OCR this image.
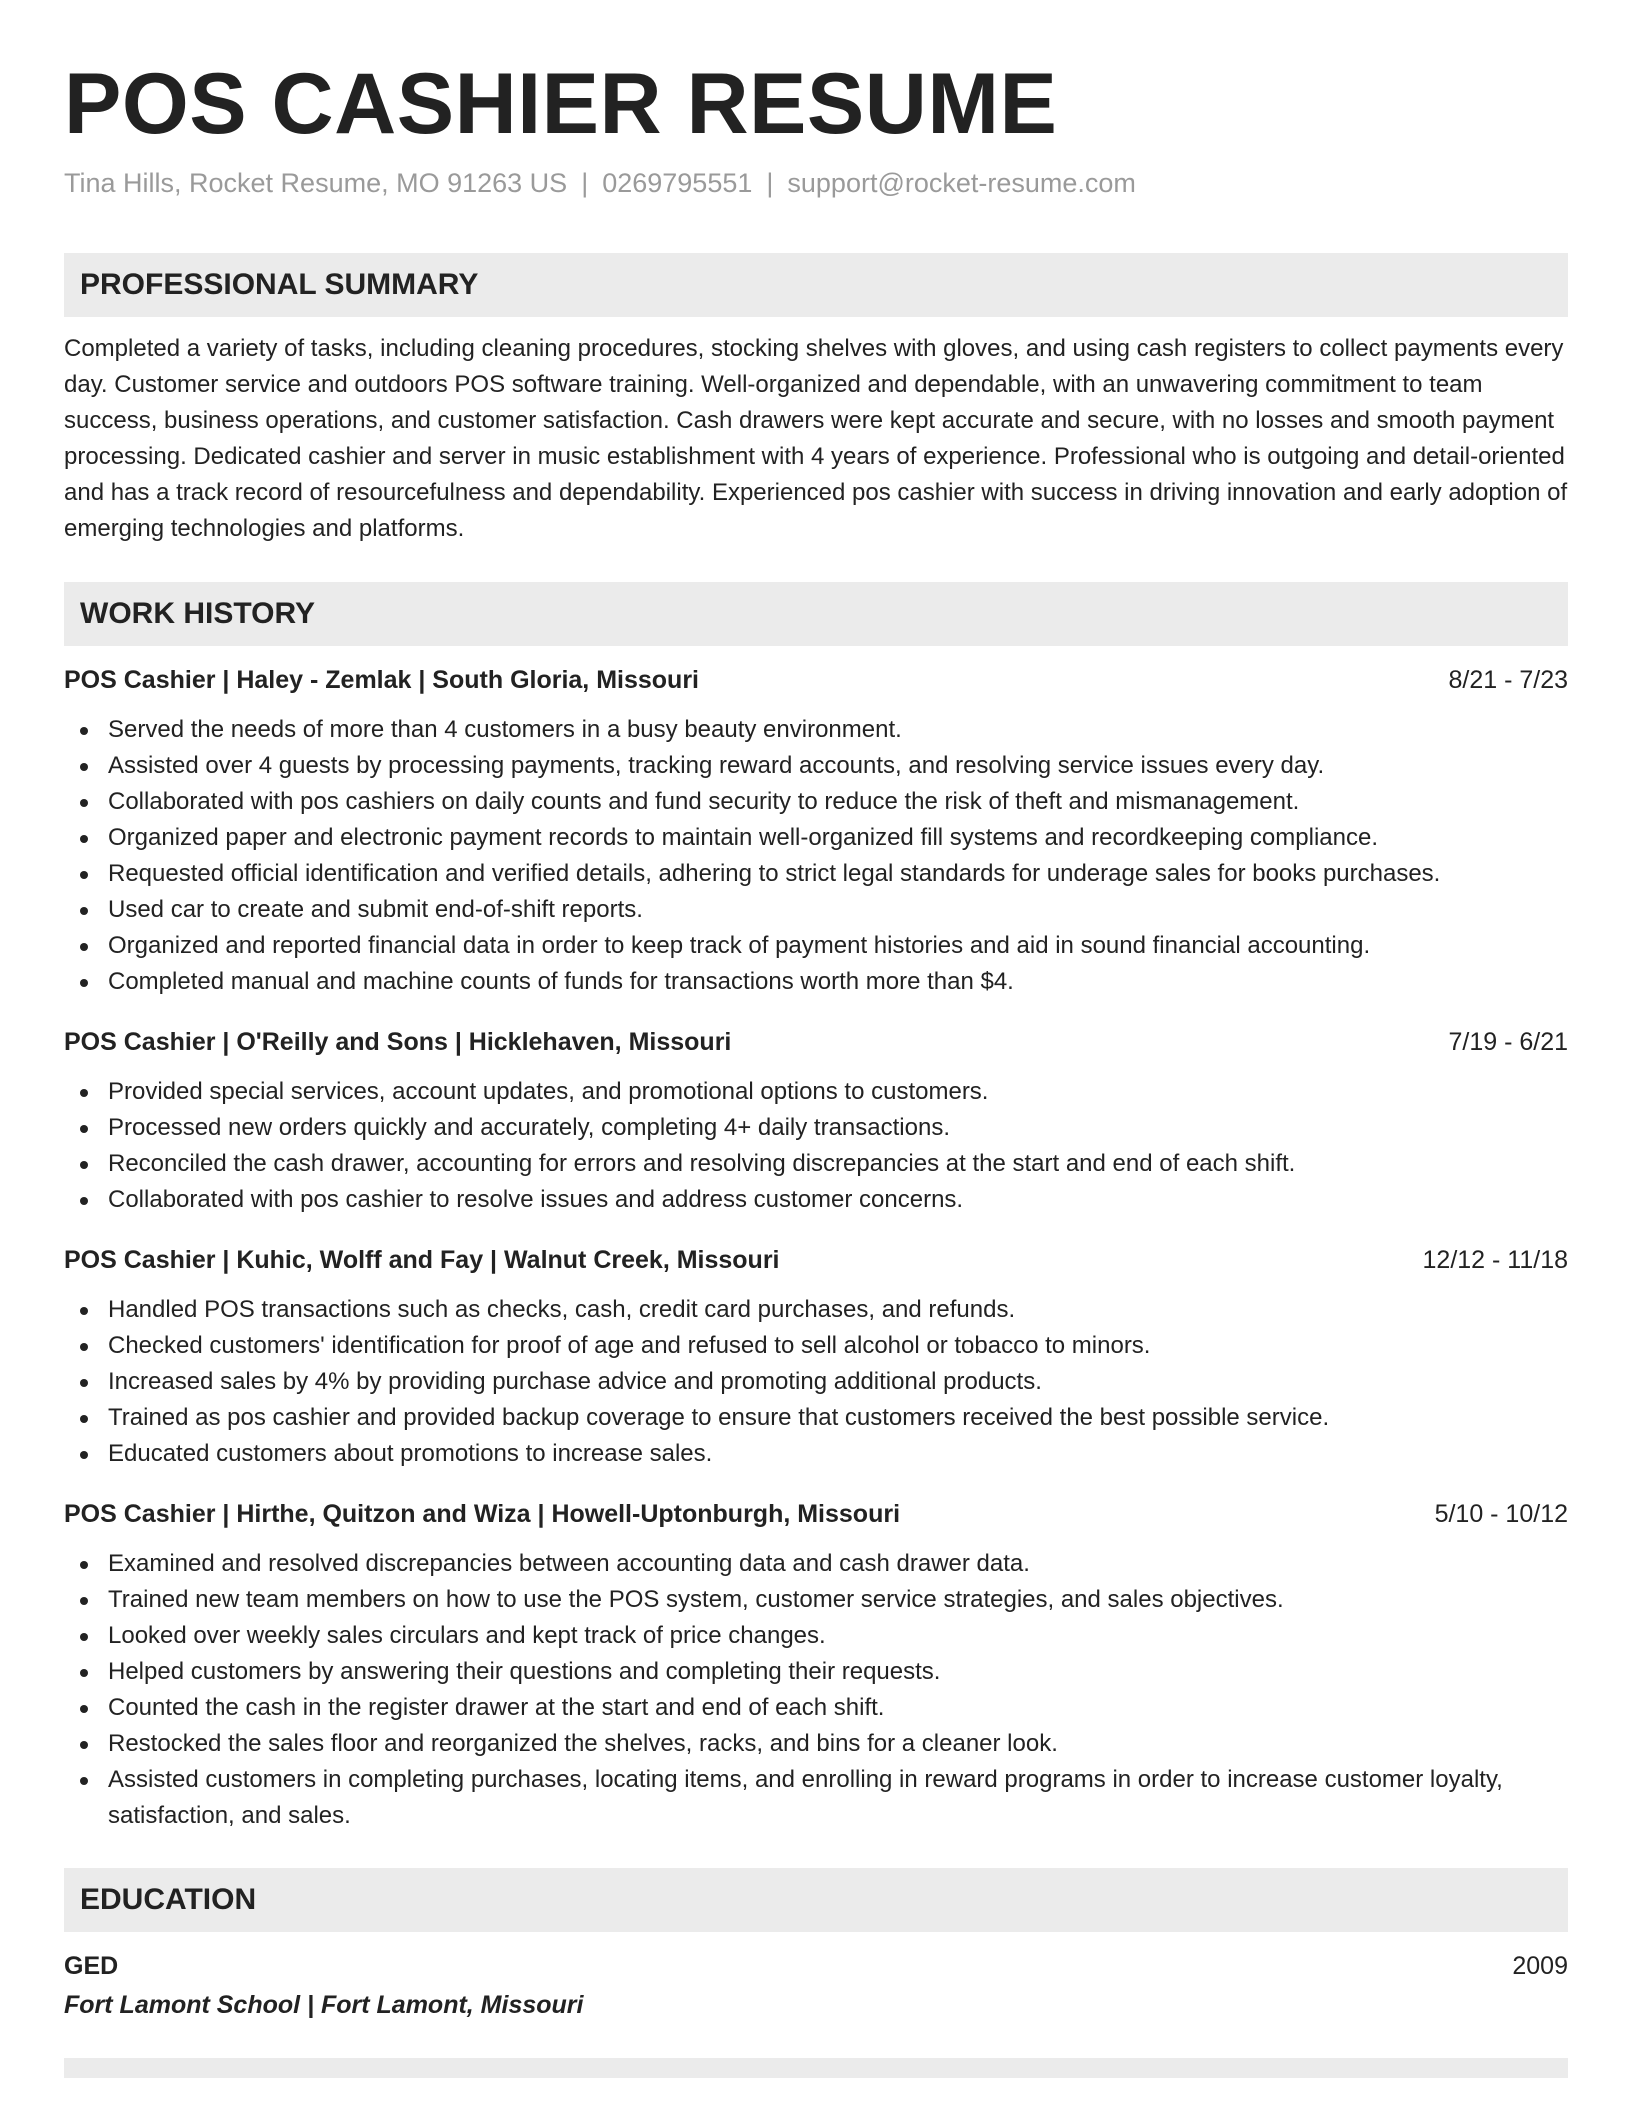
POS CASHIER RESUME
Tina Hills, Rocket Resume, MO 91263 US | 0269795551 | support@rocket-resume.com
PROFESSIONAL SUMMARY
Completed a variety of tasks, including cleaning procedures, stocking shelves with gloves, and using cash registers to collect payments every day. Customer service and outdoors POS software training. Well-organized and dependable, with an unwavering commitment to team success, business operations, and customer satisfaction. Cash drawers were kept accurate and secure, with no losses and smooth payment processing. Dedicated cashier and server in music establishment with 4 years of experience. Professional who is outgoing and detail-oriented and has a track record of resourcefulness and dependability. Experienced pos cashier with success in driving innovation and early adoption of emerging technologies and platforms.
WORK HISTORY
POS Cashier | Haley - Zemlak | South Gloria, Missouri	8/21 - 7/23
Served the needs of more than 4 customers in a busy beauty environment.
Assisted over 4 guests by processing payments, tracking reward accounts, and resolving service issues every day.
Collaborated with pos cashiers on daily counts and fund security to reduce the risk of theft and mismanagement.
Organized paper and electronic payment records to maintain well-organized fill systems and recordkeeping compliance.
Requested official identification and verified details, adhering to strict legal standards for underage sales for books purchases.
Used car to create and submit end-of-shift reports.
Organized and reported financial data in order to keep track of payment histories and aid in sound financial accounting.
Completed manual and machine counts of funds for transactions worth more than $4.
POS Cashier | O'Reilly and Sons | Hicklehaven, Missouri	7/19 - 6/21
Provided special services, account updates, and promotional options to customers.
Processed new orders quickly and accurately, completing 4+ daily transactions.
Reconciled the cash drawer, accounting for errors and resolving discrepancies at the start and end of each shift.
Collaborated with pos cashier to resolve issues and address customer concerns.
POS Cashier | Kuhic, Wolff and Fay | Walnut Creek, Missouri	12/12 - 11/18
Handled POS transactions such as checks, cash, credit card purchases, and refunds.
Checked customers' identification for proof of age and refused to sell alcohol or tobacco to minors.
Increased sales by 4% by providing purchase advice and promoting additional products.
Trained as pos cashier and provided backup coverage to ensure that customers received the best possible service.
Educated customers about promotions to increase sales.
POS Cashier | Hirthe, Quitzon and Wiza | Howell-Uptonburgh, Missouri	5/10 - 10/12
Examined and resolved discrepancies between accounting data and cash drawer data.
Trained new team members on how to use the POS system, customer service strategies, and sales objectives.
Looked over weekly sales circulars and kept track of price changes.
Helped customers by answering their questions and completing their requests.
Counted the cash in the register drawer at the start and end of each shift.
Restocked the sales floor and reorganized the shelves, racks, and bins for a cleaner look.
Assisted customers in completing purchases, locating items, and enrolling in reward programs in order to increase customer loyalty, satisfaction, and sales.
EDUCATION
GED	2009
Fort Lamont School | Fort Lamont, Missouri
